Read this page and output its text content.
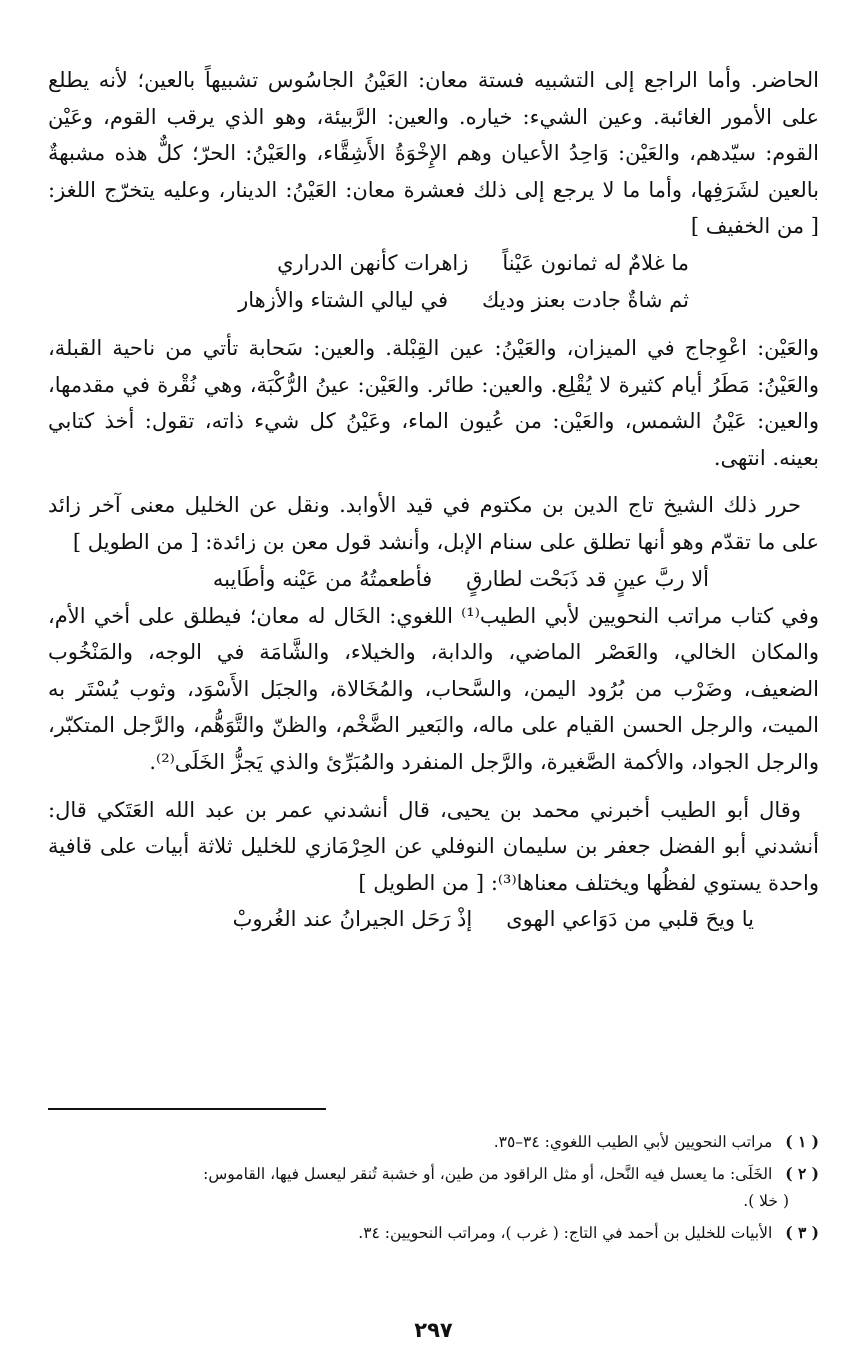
الحاضر. وأما الراجع إلى التشبيه فستة معان: العَيْنُ الجاسُوس تشبيهاً بالعين؛ لأنه يطلع على الأمور الغائبة. وعين الشيء: خياره. والعين: الرَّبيئة، وهو الذي يرقب القوم، وعَيْن القوم: سيّدهم، والعَيْن: وَاحِدُ الأعيان وهم الإِخْوَةُ الأَشِقَّاء، والعَيْنُ: الحرّ؛ كلٌّ هذه مشبهةٌ بالعين لشَرَفِها، وأما ما لا يرجع إلى ذلك فعشرة معان: العَيْنُ: الدينار، وعليه يتخرّج اللغز: [ من الخفيف ]

ما غلامٌ له ثمانون عَيْناً
زاهرات كأنهن الدراري
ثم شاةٌ جادت بعنز وديك
في ليالي الشتاء والأزهار

والعَيْن: اعْوِجاج في الميزان، والعَيْنُ: عين القِبْلة. والعين: سَحابة تأتي من ناحية القبلة، والعَيْنُ: مَطَرُ أيام كثيرة لا يُقْلِع. والعين: طائر. والعَيْن: عينُ الرُّكْبَة، وهي نُقْرة في مقدمها، والعين: عَيْنُ الشمس، والعَيْن: من عُيون الماء، وعَيْنُ كل شيء ذاته، تقول: أخذ كتابي بعينه. انتهى.

حرر ذلك الشيخ تاج الدين بن مكتوم في قيد الأوابد. ونقل عن الخليل معنى آخر زائد على ما تقدّم وهو أنها تطلق على سنام الإبل، وأنشد قول معن بن زائدة: [ من الطويل ]

ألا ربَّ عينٍ قد ذَبَحْت لطارقٍ
فأطعمتُهُ من عَيْنه وأطَايبه

وفي كتاب مراتب النحويين لأبي الطيب⁽¹⁾ اللغوي: الخَال له معان؛ فيطلق على أخي الأم، والمكان الخالي، والعَصْر الماضي، والدابة، والخيلاء، والشَّامَة في الوجه، والمَنْخُوب الضعيف، وضَرْب من بُرُود اليمن، والسَّحاب، والمُخَالاة، والجبَل الأَسْوَد، وثوب يُسْتَر به الميت، والرجل الحسن القيام على ماله، والبَعير الضَّخْم، والظنّ والتَّوَهُّم، والرَّجل المتكبّر، والرجل الجواد، والأكمة الصَّغيرة، والرَّجل المنفرد والمُبَرِّئ والذي يَجزُّ الخَلَى⁽²⁾.

وقال أبو الطيب أخبرني محمد بن يحيى، قال أنشدني عمر بن عبد الله العَتَكي قال: أنشدني أبو الفضل جعفر بن سليمان النوفلي عن الحِرْمَازي للخليل ثلاثة أبيات على قافية واحدة يستوي لفظُها ويختلف معناها⁽³⁾: [ من الطويل ]

يا ويحَ قلبي من دَوَاعي الهوى
إذْ رَحَل الجيرانُ عند الغُروبْ

( ١ ) مراتب النحويين لأبي الطيب اللغوي: ٣٤–٣٥.

( ٢ ) الخَلَى: ما يعسل فيه النَّحل، أو مثل الراقود من طين، أو خشبة تُنقر ليعسل فيها، القاموس:
( خلا ).

( ٣ ) الأبيات للخليل بن أحمد في التاج: ( غرب )، ومراتب النحويين: ٣٤.

٢٩٧
